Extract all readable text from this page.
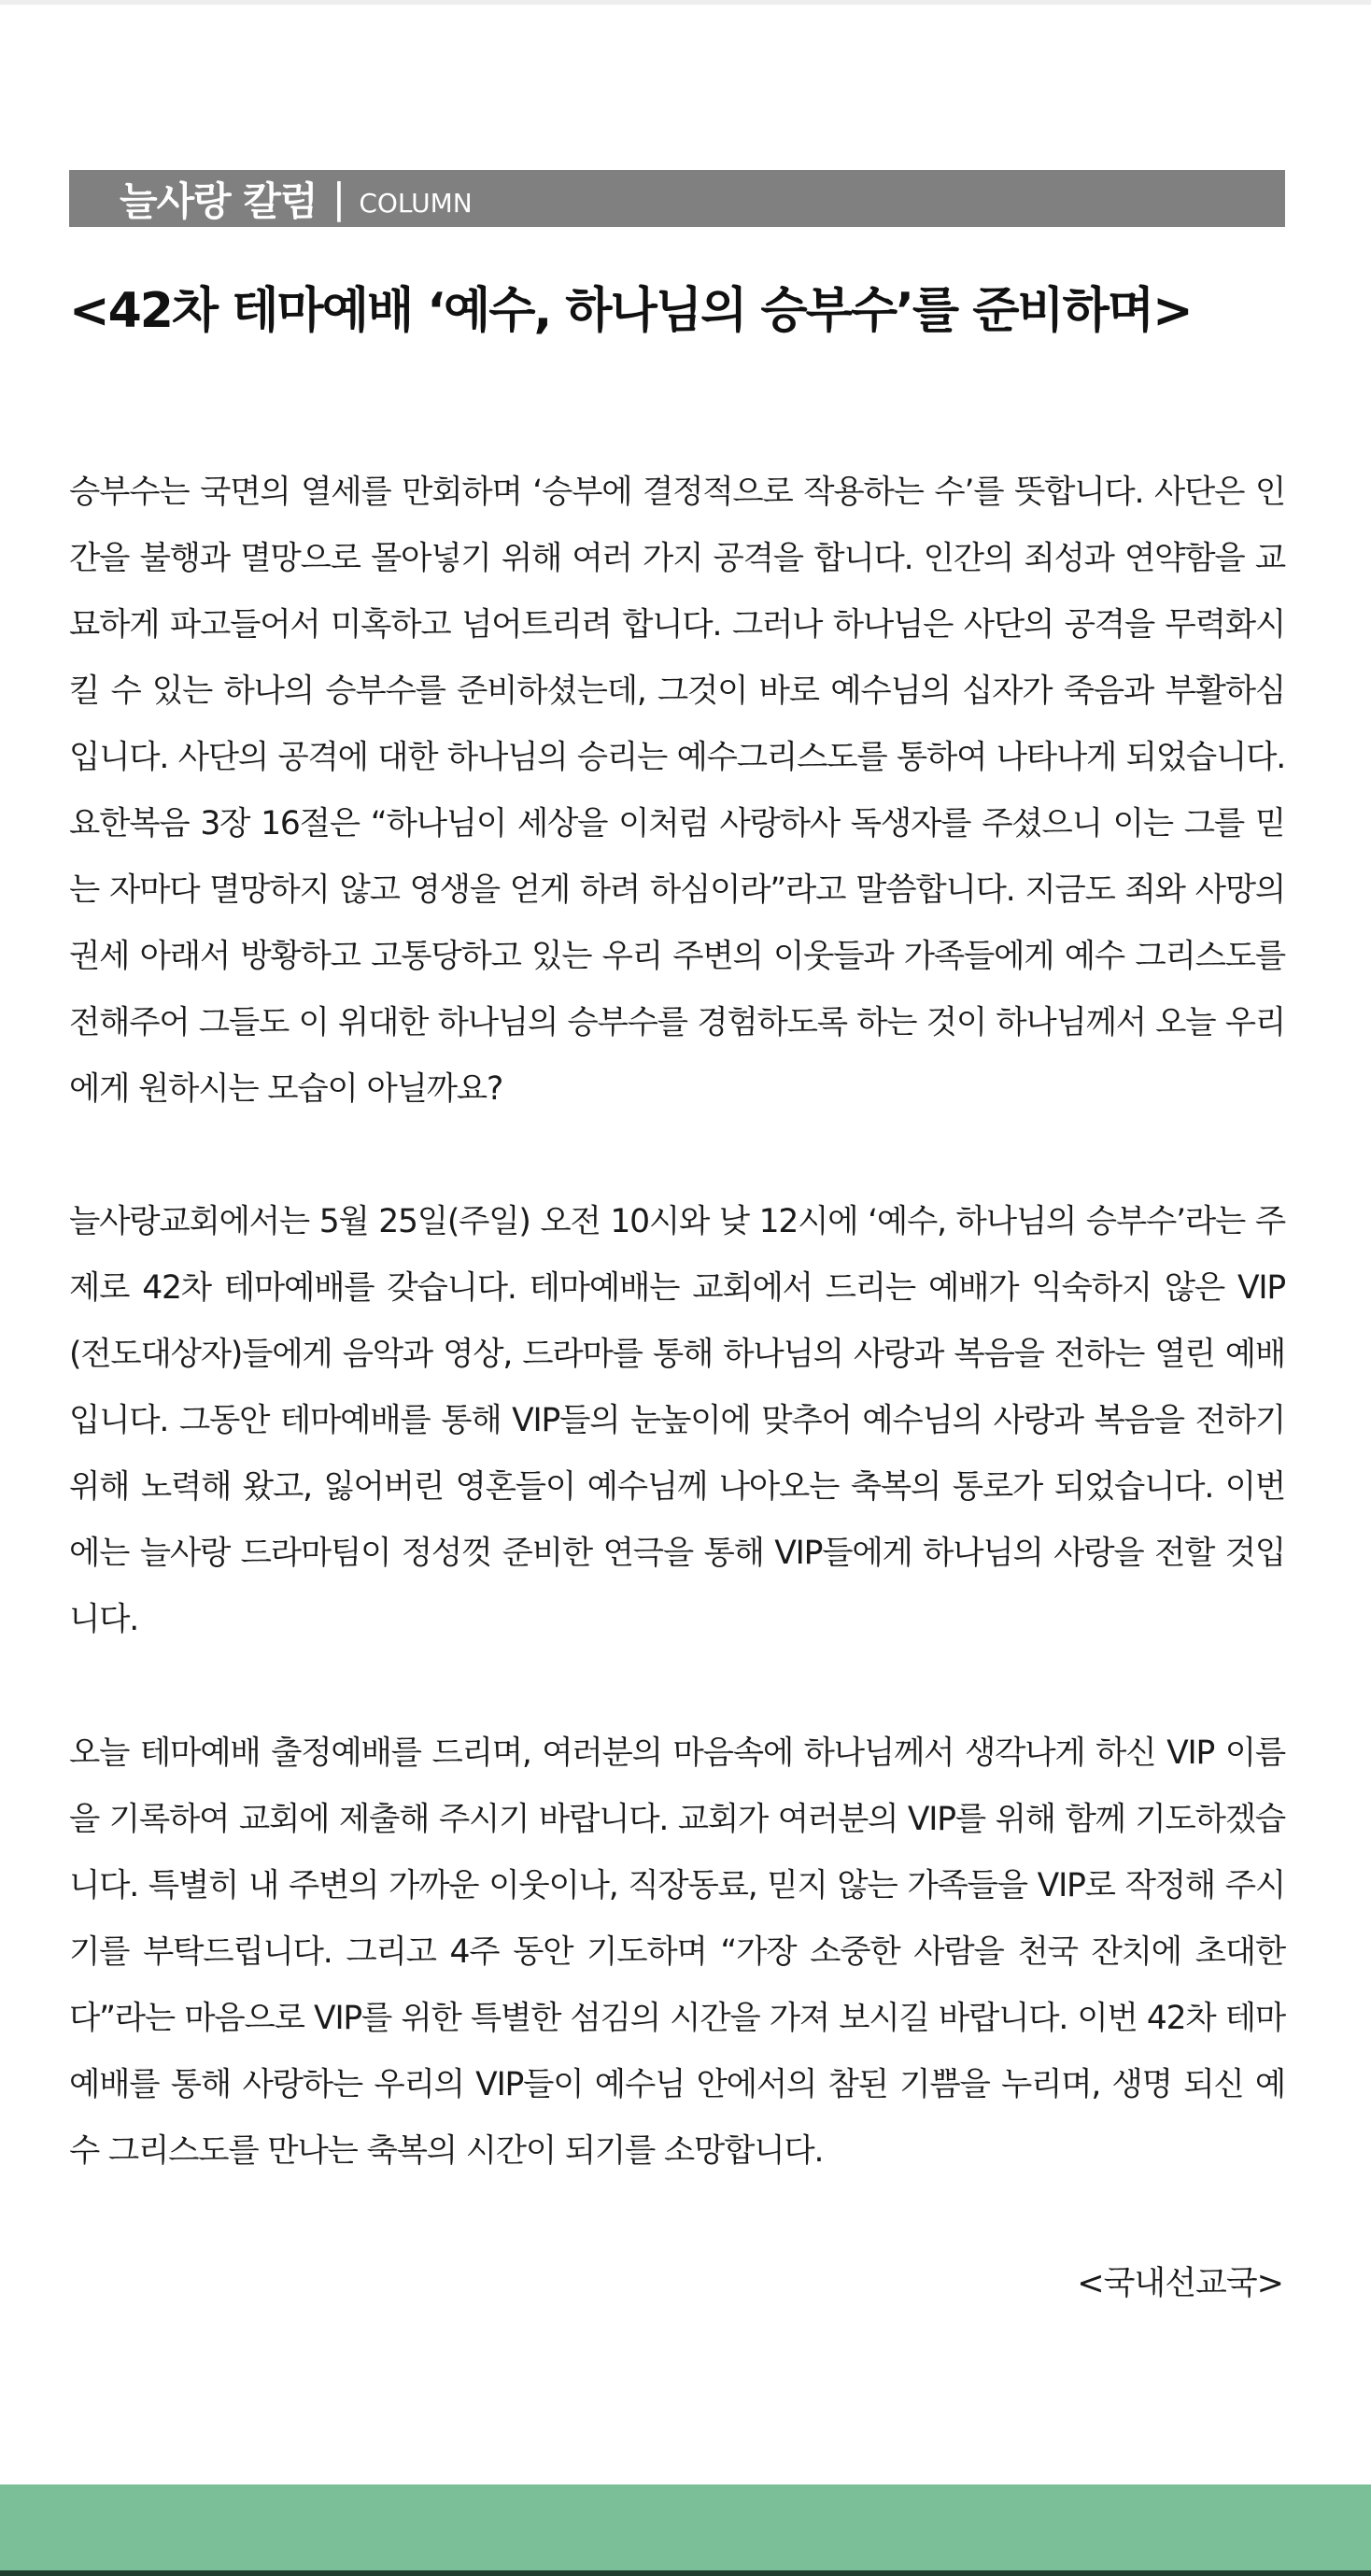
늘사랑 칼럼 | COLUMN
<42차 테마예배 ‘예수, 하나님의 승부수’를 준비하며>

승부수는 국면의 열세를 만회하며 ‘승부에 결정적으로 작용하는 수’를 뜻합니다. 사단은 인간을 불행과 멸망으로 몰아넣기 위해 여러 가지 공격을 합니다. 인간의 죄성과 연약함을 교묘하게 파고들어서 미혹하고 넘어트리려 합니다. 그러나 하나님은 사단의 공격을 무력화시킬 수 있는 하나의 승부수를 준비하셨는데, 그것이 바로 예수님의 십자가 죽음과 부활하심입니다. 사단의 공격에 대한 하나님의 승리는 예수그리스도를 통하여 나타나게 되었습니다. 요한복음 3장 16절은 “하나님이 세상을 이처럼 사랑하사 독생자를 주셨으니 이는 그를 믿는 자마다 멸망하지 않고 영생을 얻게 하려 하심이라”라고 말씀합니다. 지금도 죄와 사망의 권세 아래서 방황하고 고통당하고 있는 우리 주변의 이웃들과 가족들에게 예수 그리스도를 전해주어 그들도 이 위대한 하나님의 승부수를 경험하도록 하는 것이 하나님께서 오늘 우리에게 원하시는 모습이 아닐까요?

늘사랑교회에서는 5월 25일(주일) 오전 10시와 낮 12시에 ‘예수, 하나님의 승부수’라는 주제로 42차 테마예배를 갖습니다. 테마예배는 교회에서 드리는 예배가 익숙하지 않은 VIP(전도대상자)들에게 음악과 영상, 드라마를 통해 하나님의 사랑과 복음을 전하는 열린 예배입니다. 그동안 테마예배를 통해 VIP들의 눈높이에 맞추어 예수님의 사랑과 복음을 전하기 위해 노력해 왔고, 잃어버린 영혼들이 예수님께 나아오는 축복의 통로가 되었습니다. 이번에는 늘사랑 드라마팀이 정성껏 준비한 연극을 통해 VIP들에게 하나님의 사랑을 전할 것입니다.

오늘 테마예배 출정예배를 드리며, 여러분의 마음속에 하나님께서 생각나게 하신 VIP 이름을 기록하여 교회에 제출해 주시기 바랍니다. 교회가 여러분의 VIP를 위해 함께 기도하겠습니다. 특별히 내 주변의 가까운 이웃이나, 직장동료, 믿지 않는 가족들을 VIP로 작정해 주시기를 부탁드립니다. 그리고 4주 동안 기도하며 “가장 소중한 사람을 천국 잔치에 초대한다”라는 마음으로 VIP를 위한 특별한 섬김의 시간을 가져 보시길 바랍니다. 이번 42차 테마예배를 통해 사랑하는 우리의 VIP들이 예수님 안에서의 참된 기쁨을 누리며, 생명 되신 예수 그리스도를 만나는 축복의 시간이 되기를 소망합니다.

<국내선교국>
